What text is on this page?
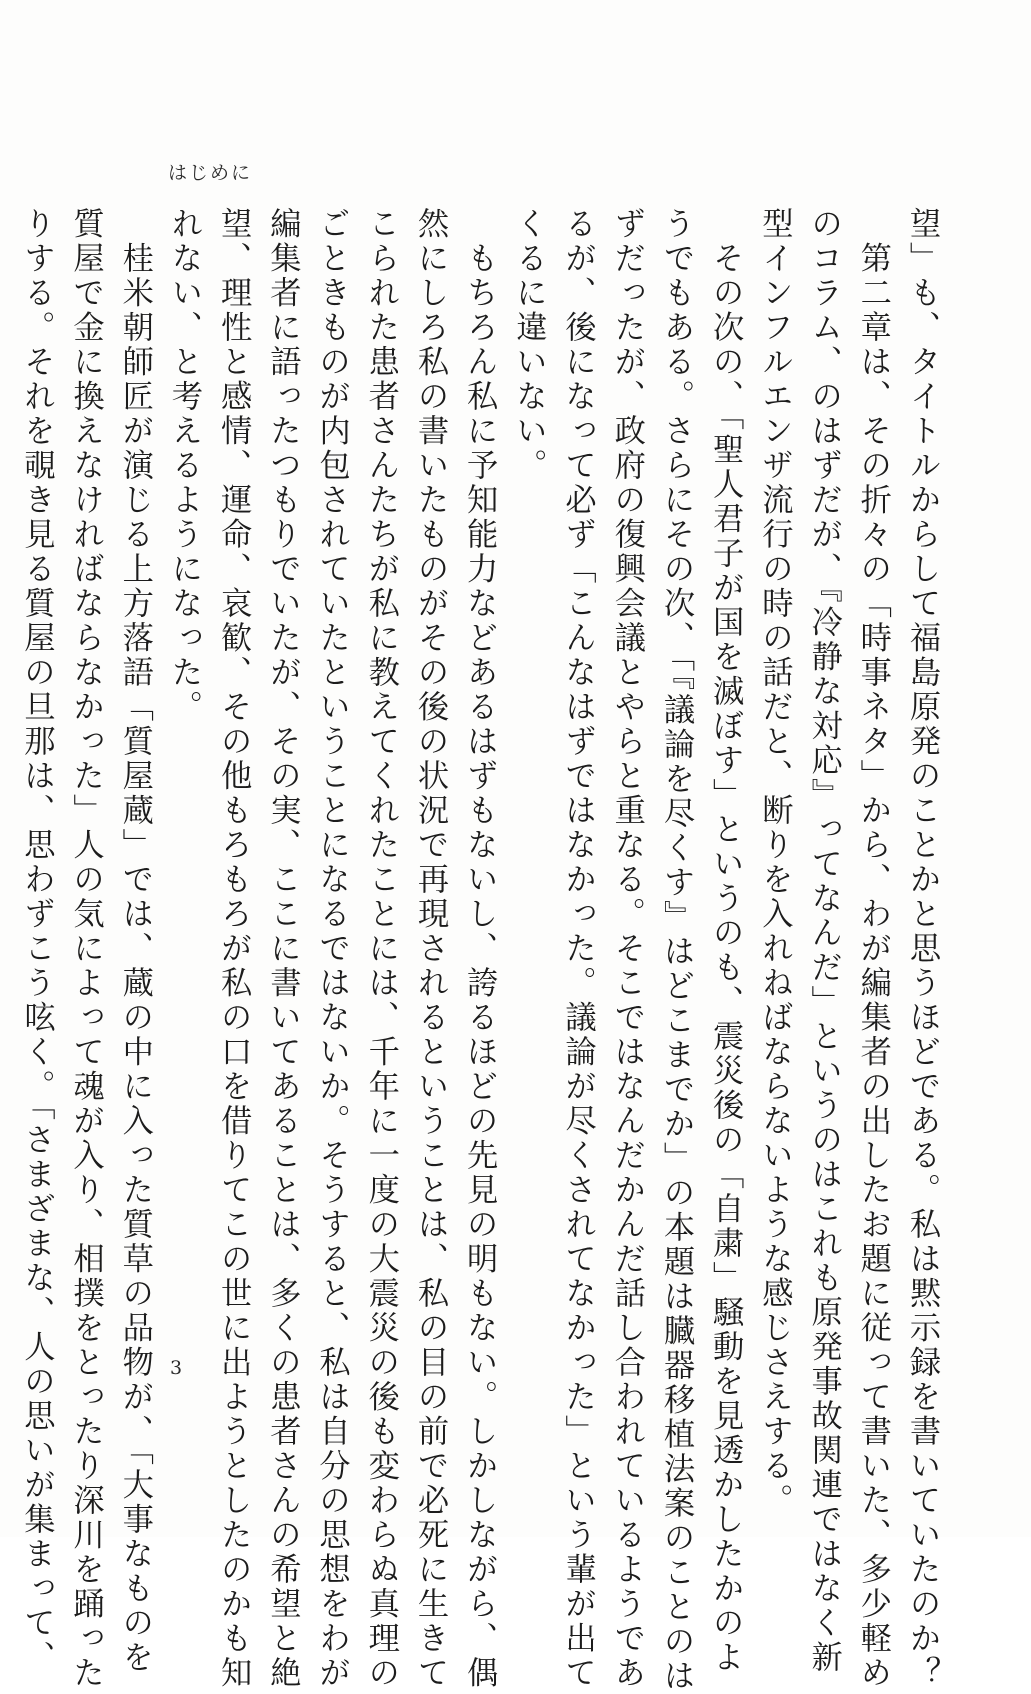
はじめに
望」も、タイトルからして福島原発のことかと思うほどである。私は黙示録を書いていたのか？
　第二章は、その折々の「時事ネタ」から、わが編集者の出したお題に従って書いた、多少軽め
のコラム、のはずだが、『冷静な対応』ってなんだ」というのはこれも原発事故関連ではなく新
型インフルエンザ流行の時の話だと、断りを入れねばならないような感じさえする。
　その次の、「聖人君子が国を滅ぼす」というのも、震災後の「自粛」騒動を見透かしたかのよ
うでもある。さらにその次、「『議論を尽くす』はどこまでか」の本題は臓器移植法案のことのは
ずだったが、政府の復興会議とやらと重なる。そこではなんだかんだ話し合われているようであ
るが、後になって必ず「こんなはずではなかった。議論が尽くされてなかった」という輩が出て
くるに違いない。
　もちろん私に予知能力などあるはずもないし、誇るほどの先見の明もない。しかしながら、偶
然にしろ私の書いたものがその後の状況で再現されるということは、私の目の前で必死に生きて
こられた患者さんたちが私に教えてくれたことには、千年に一度の大震災の後も変わらぬ真理の
ごときものが内包されていたということになるではないか。そうすると、私は自分の思想をわが
編集者に語ったつもりでいたが、その実、ここに書いてあることは、多くの患者さんの希望と絶
望、理性と感情、運命、哀歓、その他もろもろが私の口を借りてこの世に出ようとしたのかも知
れない、と考えるようになった。
　桂米朝師匠が演じる上方落語「質屋蔵」では、蔵の中に入った質草の品物が、「大事なものを
質屋で金に換えなければならなかった」人の気によって魂が入り、相撲をとったり深川を踊った
りする。それを覗き見る質屋の旦那は、思わずこう呟く。「さまざまな、人の思いが集まって、	3
